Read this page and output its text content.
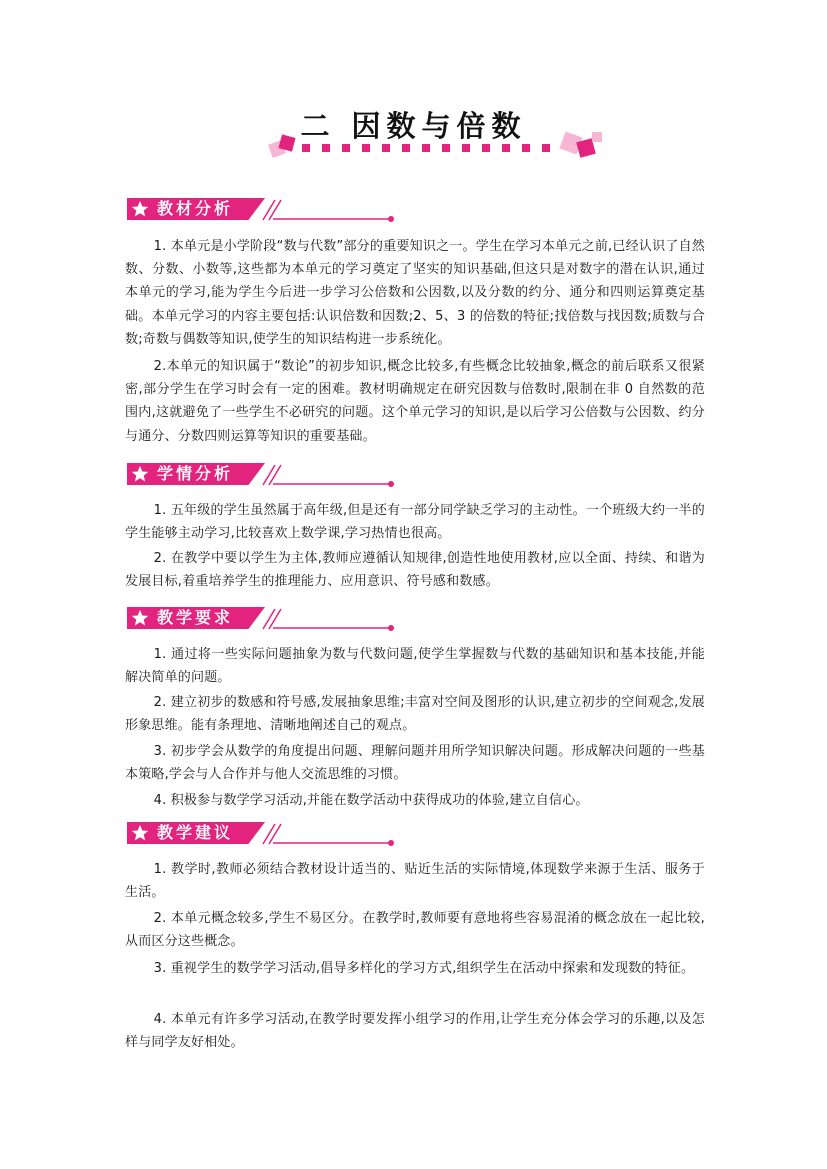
二 因数与倍数
教材分析
1. 本单元是小学阶段“数与代数”部分的重要知识之一。学生在学习本单元之前,已经认识了自然数、分数、小数等,这些都为本单元的学习奠定了坚实的知识基础,但这只是对数字的潜在认识,通过本单元的学习,能为学生今后进一步学习公倍数和公因数,以及分数的约分、通分和四则运算奠定基础。本单元学习的内容主要包括:认识倍数和因数;2、5、3 的倍数的特征;找倍数与找因数;质数与合数;奇数与偶数等知识,使学生的知识结构进一步系统化。
2.本单元的知识属于“数论”的初步知识,概念比较多,有些概念比较抽象,概念的前后联系又很紧密,部分学生在学习时会有一定的困难。教材明确规定在研究因数与倍数时,限制在非 0 自然数的范围内,这就避免了一些学生不必研究的问题。这个单元学习的知识,是以后学习公倍数与公因数、约分与通分、分数四则运算等知识的重要基础。
学情分析
1. 五年级的学生虽然属于高年级,但是还有一部分同学缺乏学习的主动性。一个班级大约一半的学生能够主动学习,比较喜欢上数学课,学习热情也很高。
2. 在教学中要以学生为主体,教师应遵循认知规律,创造性地使用教材,应以全面、持续、和谐为发展目标,着重培养学生的推理能力、应用意识、符号感和数感。
教学要求
1. 通过将一些实际问题抽象为数与代数问题,使学生掌握数与代数的基础知识和基本技能,并能解决简单的问题。
2. 建立初步的数感和符号感,发展抽象思维;丰富对空间及图形的认识,建立初步的空间观念,发展形象思维。能有条理地、清晰地阐述自己的观点。
3. 初步学会从数学的角度提出问题、理解问题并用所学知识解决问题。形成解决问题的一些基本策略,学会与人合作并与他人交流思维的习惯。
4. 积极参与数学学习活动,并能在数学活动中获得成功的体验,建立自信心。
教学建议
1. 教学时,教师必须结合教材设计适当的、贴近生活的实际情境,体现数学来源于生活、服务于生活。
2. 本单元概念较多,学生不易区分。在教学时,教师要有意地将些容易混淆的概念放在一起比较,从而区分这些概念。
3. 重视学生的数学学习活动,倡导多样化的学习方式,组织学生在活动中探索和发现数的特征。
4. 本单元有许多学习活动,在教学时要发挥小组学习的作用,让学生充分体会学习的乐趣,以及怎样与同学友好相处。
